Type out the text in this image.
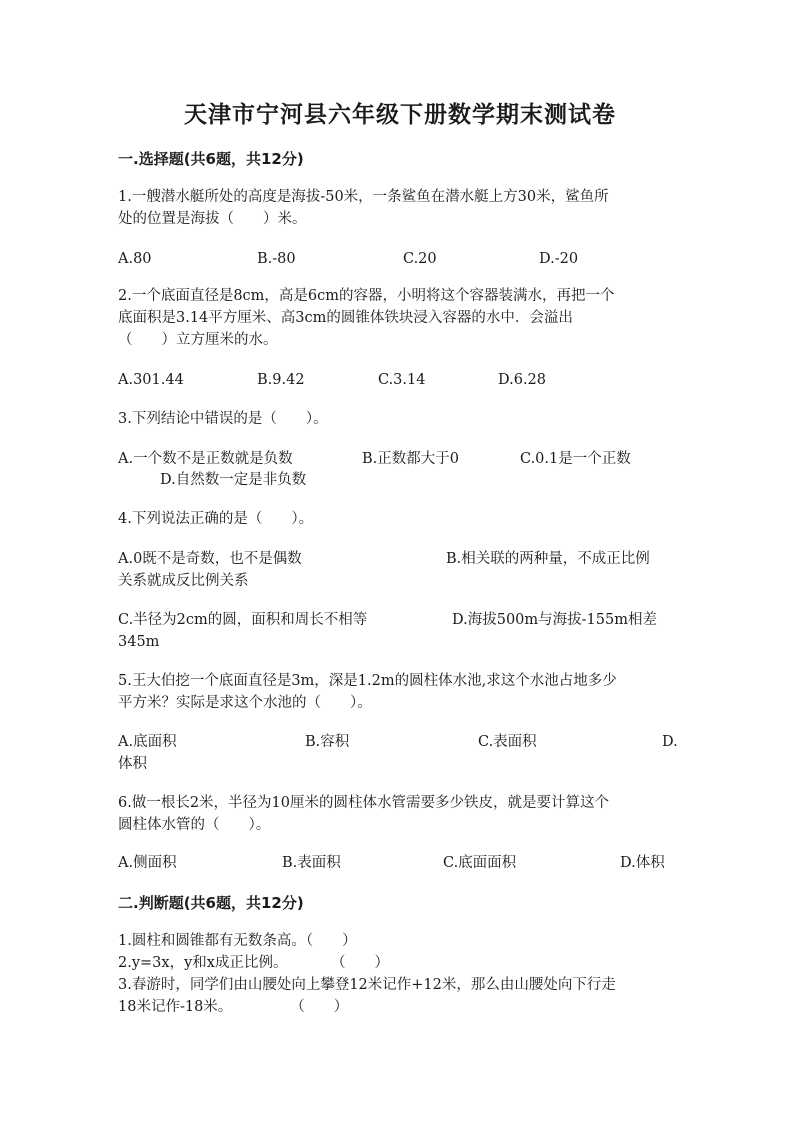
天津市宁河县六年级下册数学期末测试卷
一.选择题(共6题，共12分)
1.一艘潜水艇所处的高度是海拔-50米，一条鲨鱼在潜水艇上方30米，鲨鱼所
处的位置是海拔（　　）米。
A.80	B.-80	C.20	D.-20
2.一个底面直径是8cm，高是6cm的容器，小明将这个容器装满水，再把一个
底面积是3.14平方厘米、高3cm的圆锥体铁块浸入容器的水中．会溢出
（　　）立方厘米的水。
A.301.44	B.9.42	C.3.14	D.6.28
3.下列结论中错误的是（　　）。
A.一个数不是正数就是负数	B.正数都大于0	C.0.1是一个正数
D.自然数一定是非负数
4.下列说法正确的是（　　）。
A.0既不是奇数，也不是偶数	B.相关联的两种量，不成正比例
关系就成反比例关系
C.半径为2cm的圆，面积和周长不相等	D.海拔500m与海拔-155m相差
345m
5.王大伯挖一个底面直径是3m，深是1.2m的圆柱体水池,求这个水池占地多少
平方米？实际是求这个水池的（　　）。
A.底面积	B.容积	C.表面积	D.
体积
6.做一根长2米，半径为10厘米的圆柱体水管需要多少铁皮，就是要计算这个
圆柱体水管的（　　）。
A.侧面积	B.表面积	C.底面面积	D.体积
二.判断题(共6题，共12分)
1.圆柱和圆锥都有无数条高。（　　）
2.y=3x，y和x成正比例。　　　　（　　）
3.春游时，同学们由山腰处向上攀登12米记作+12米，那么由山腰处向下行走
18米记作-18米。　　　　　（　　）
